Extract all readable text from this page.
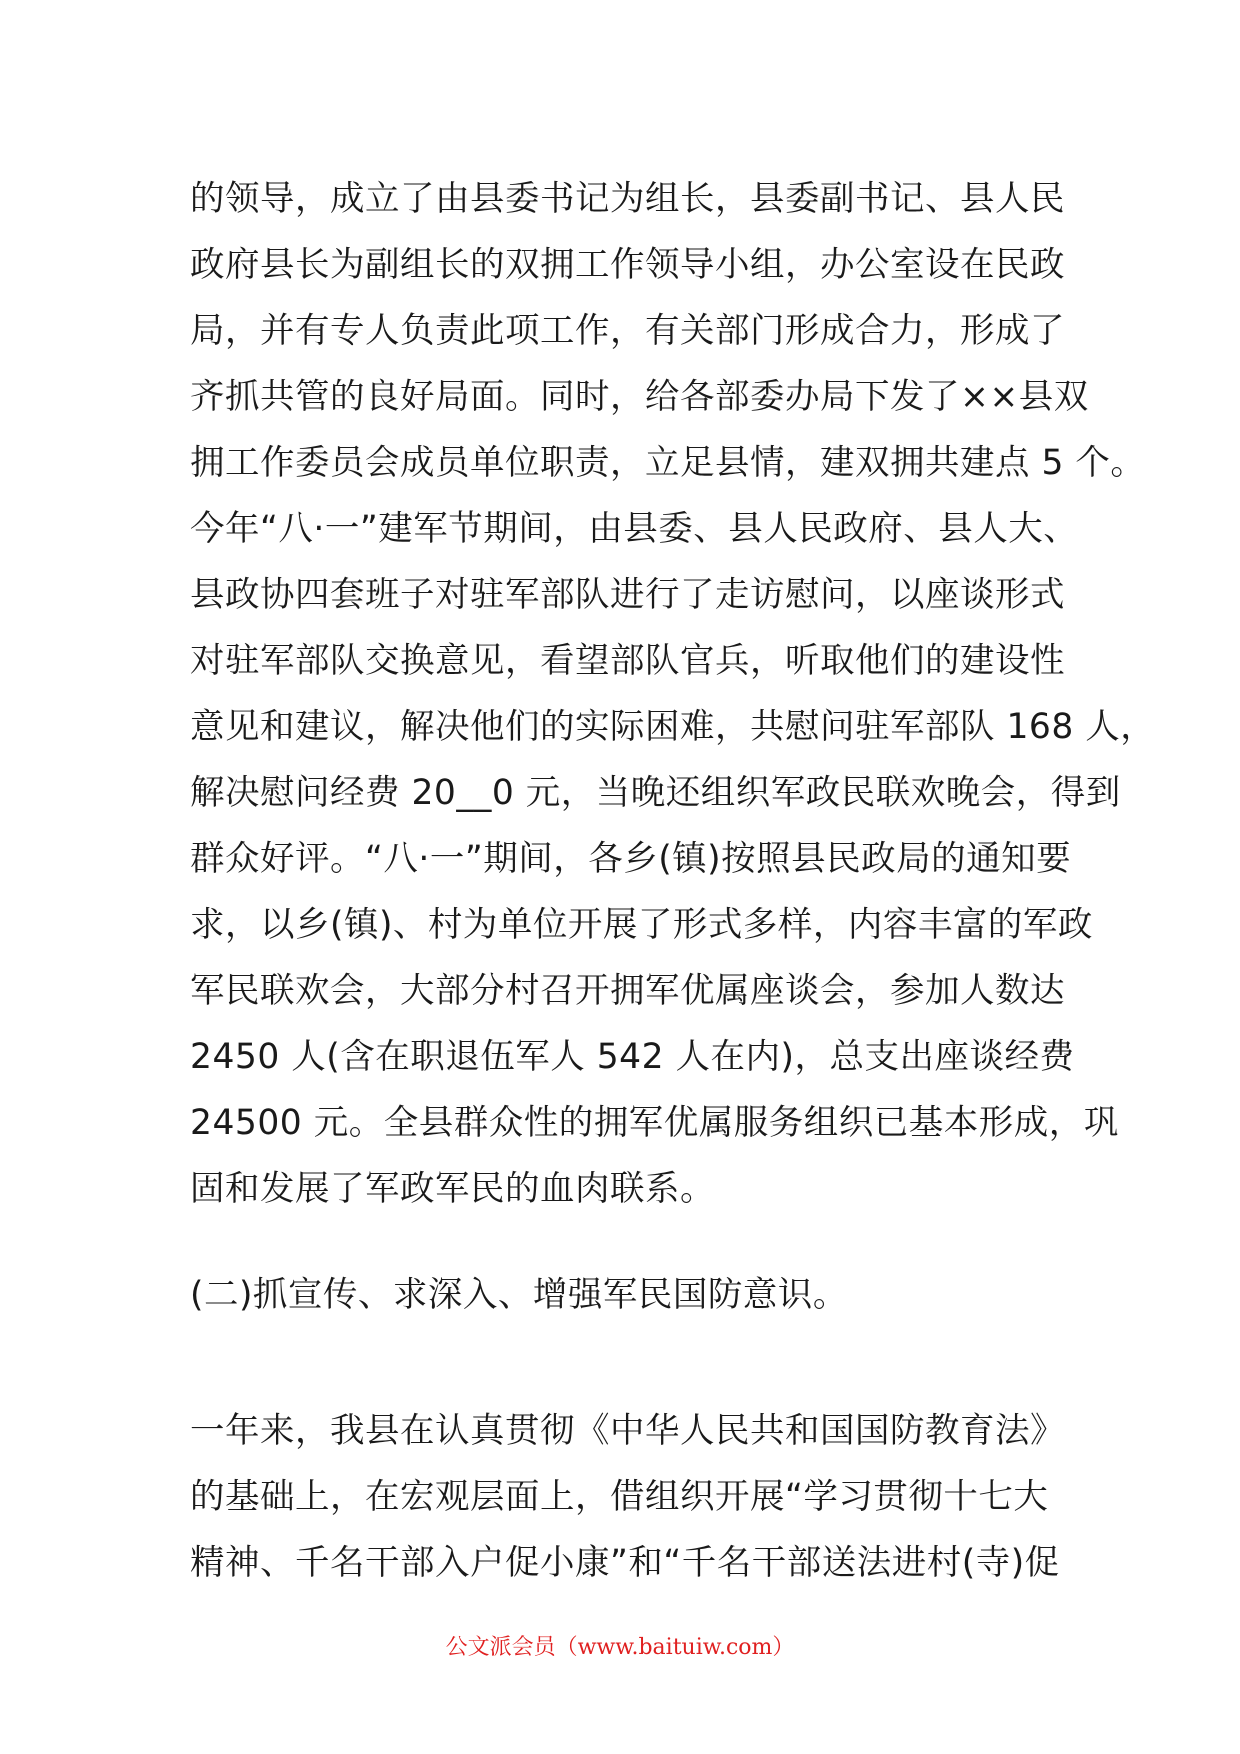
的领导，成立了由县委书记为组长，县委副书记、县人民
政府县长为副组长的双拥工作领导小组，办公室设在民政
局，并有专人负责此项工作，有关部门形成合力，形成了
齐抓共管的良好局面。同时，给各部委办局下发了××县双
拥工作委员会成员单位职责，立足县情，建双拥共建点 5 个。
今年“八·一”建军节期间，由县委、县人民政府、县人大、
县政协四套班子对驻军部队进行了走访慰问，以座谈形式
对驻军部队交换意见，看望部队官兵，听取他们的建设性
意见和建议，解决他们的实际困难，共慰问驻军部队 168 人，
解决慰问经费 20__0 元，当晚还组织军政民联欢晚会，得到
群众好评。“八·一”期间，各乡(镇)按照县民政局的通知要
求，以乡(镇)、村为单位开展了形式多样，内容丰富的军政
军民联欢会，大部分村召开拥军优属座谈会，参加人数达
2450 人(含在职退伍军人 542 人在内)，总支出座谈经费
24500 元。全县群众性的拥军优属服务组织已基本形成，巩
固和发展了军政军民的血肉联系。
(二)抓宣传、求深入、增强军民国防意识。
一年来，我县在认真贯彻《中华人民共和国国防教育法》
的基础上，在宏观层面上，借组织开展“学习贯彻十七大
精神、千名干部入户促小康”和“千名干部送法进村(寺)促
公文派会员（www.baituiw.com）
